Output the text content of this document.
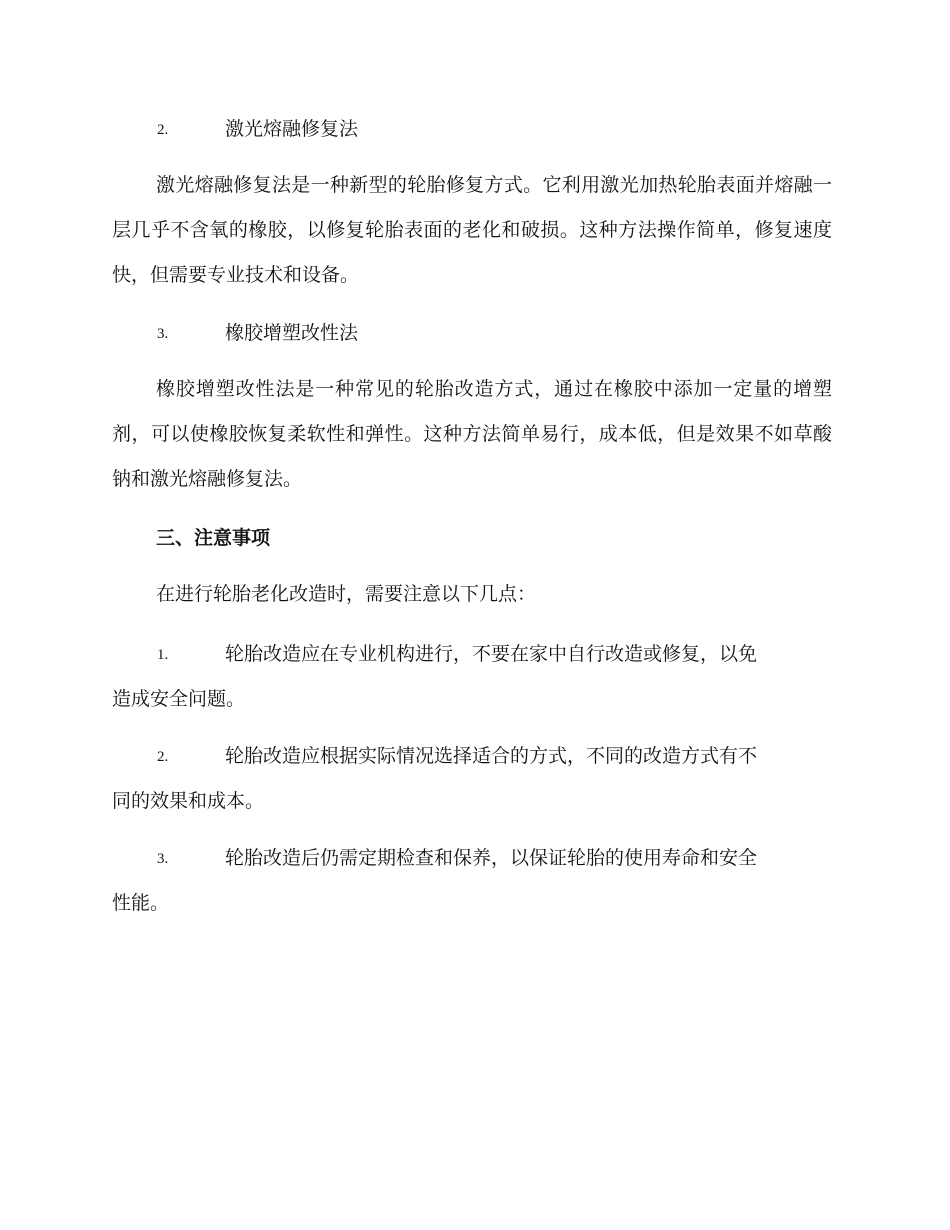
2.	激光熔融修复法

激光熔融修复法是一种新型的轮胎修复方式。它利用激光加热轮胎表面并熔融一层几乎不含氧的橡胶，以修复轮胎表面的老化和破损。这种方法操作简单，修复速度快，但需要专业技术和设备。

3.	橡胶增塑改性法

橡胶增塑改性法是一种常见的轮胎改造方式，通过在橡胶中添加一定量的增塑剂，可以使橡胶恢复柔软性和弹性。这种方法简单易行，成本低，但是效果不如草酸钠和激光熔融修复法。

三、注意事项
在进行轮胎老化改造时，需要注意以下几点：
1.	轮胎改造应在专业机构进行，不要在家中自行改造或修复，以免
造成安全问题。
2.	轮胎改造应根据实际情况选择适合的方式，不同的改造方式有不
同的效果和成本。
3.	轮胎改造后仍需定期检查和保养，以保证轮胎的使用寿命和安全
性能。
